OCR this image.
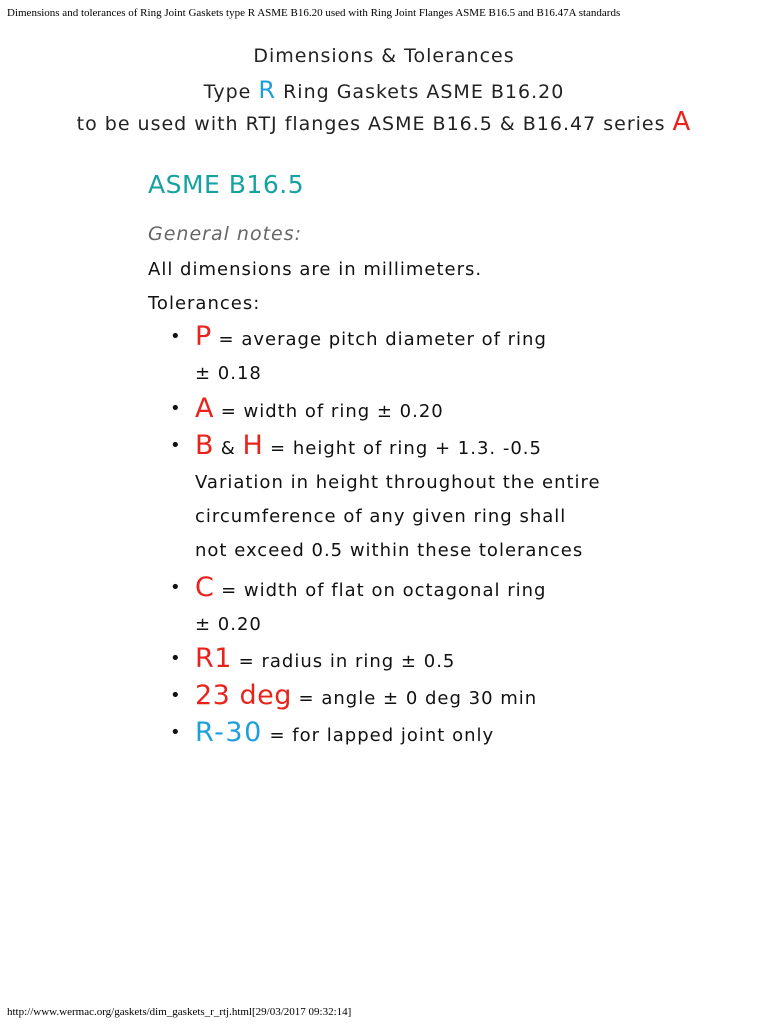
Dimensions and tolerances of Ring Joint Gaskets type R ASME B16.20 used with Ring Joint Flanges ASME B16.5 and B16.47A standards
Dimensions & Tolerances
Type R Ring Gaskets ASME B16.20
to be used with RTJ flanges ASME B16.5 & B16.47 series A
ASME B16.5
General notes:
All dimensions are in millimeters.
Tolerances:
• P = average pitch diameter of ring
± 0.18
• A = width of ring ± 0.20
• B & H = height of ring + 1.3. -0.5
Variation in height throughout the entire
circumference of any given ring shall
not exceed 0.5 within these tolerances
• C = width of flat on octagonal ring
± 0.20
• R1 = radius in ring ± 0.5
• 23 deg = angle ± 0 deg 30 min
• R-30 = for lapped joint only
http://www.wermac.org/gaskets/dim_gaskets_r_rtj.html[29/03/2017 09:32:14]
